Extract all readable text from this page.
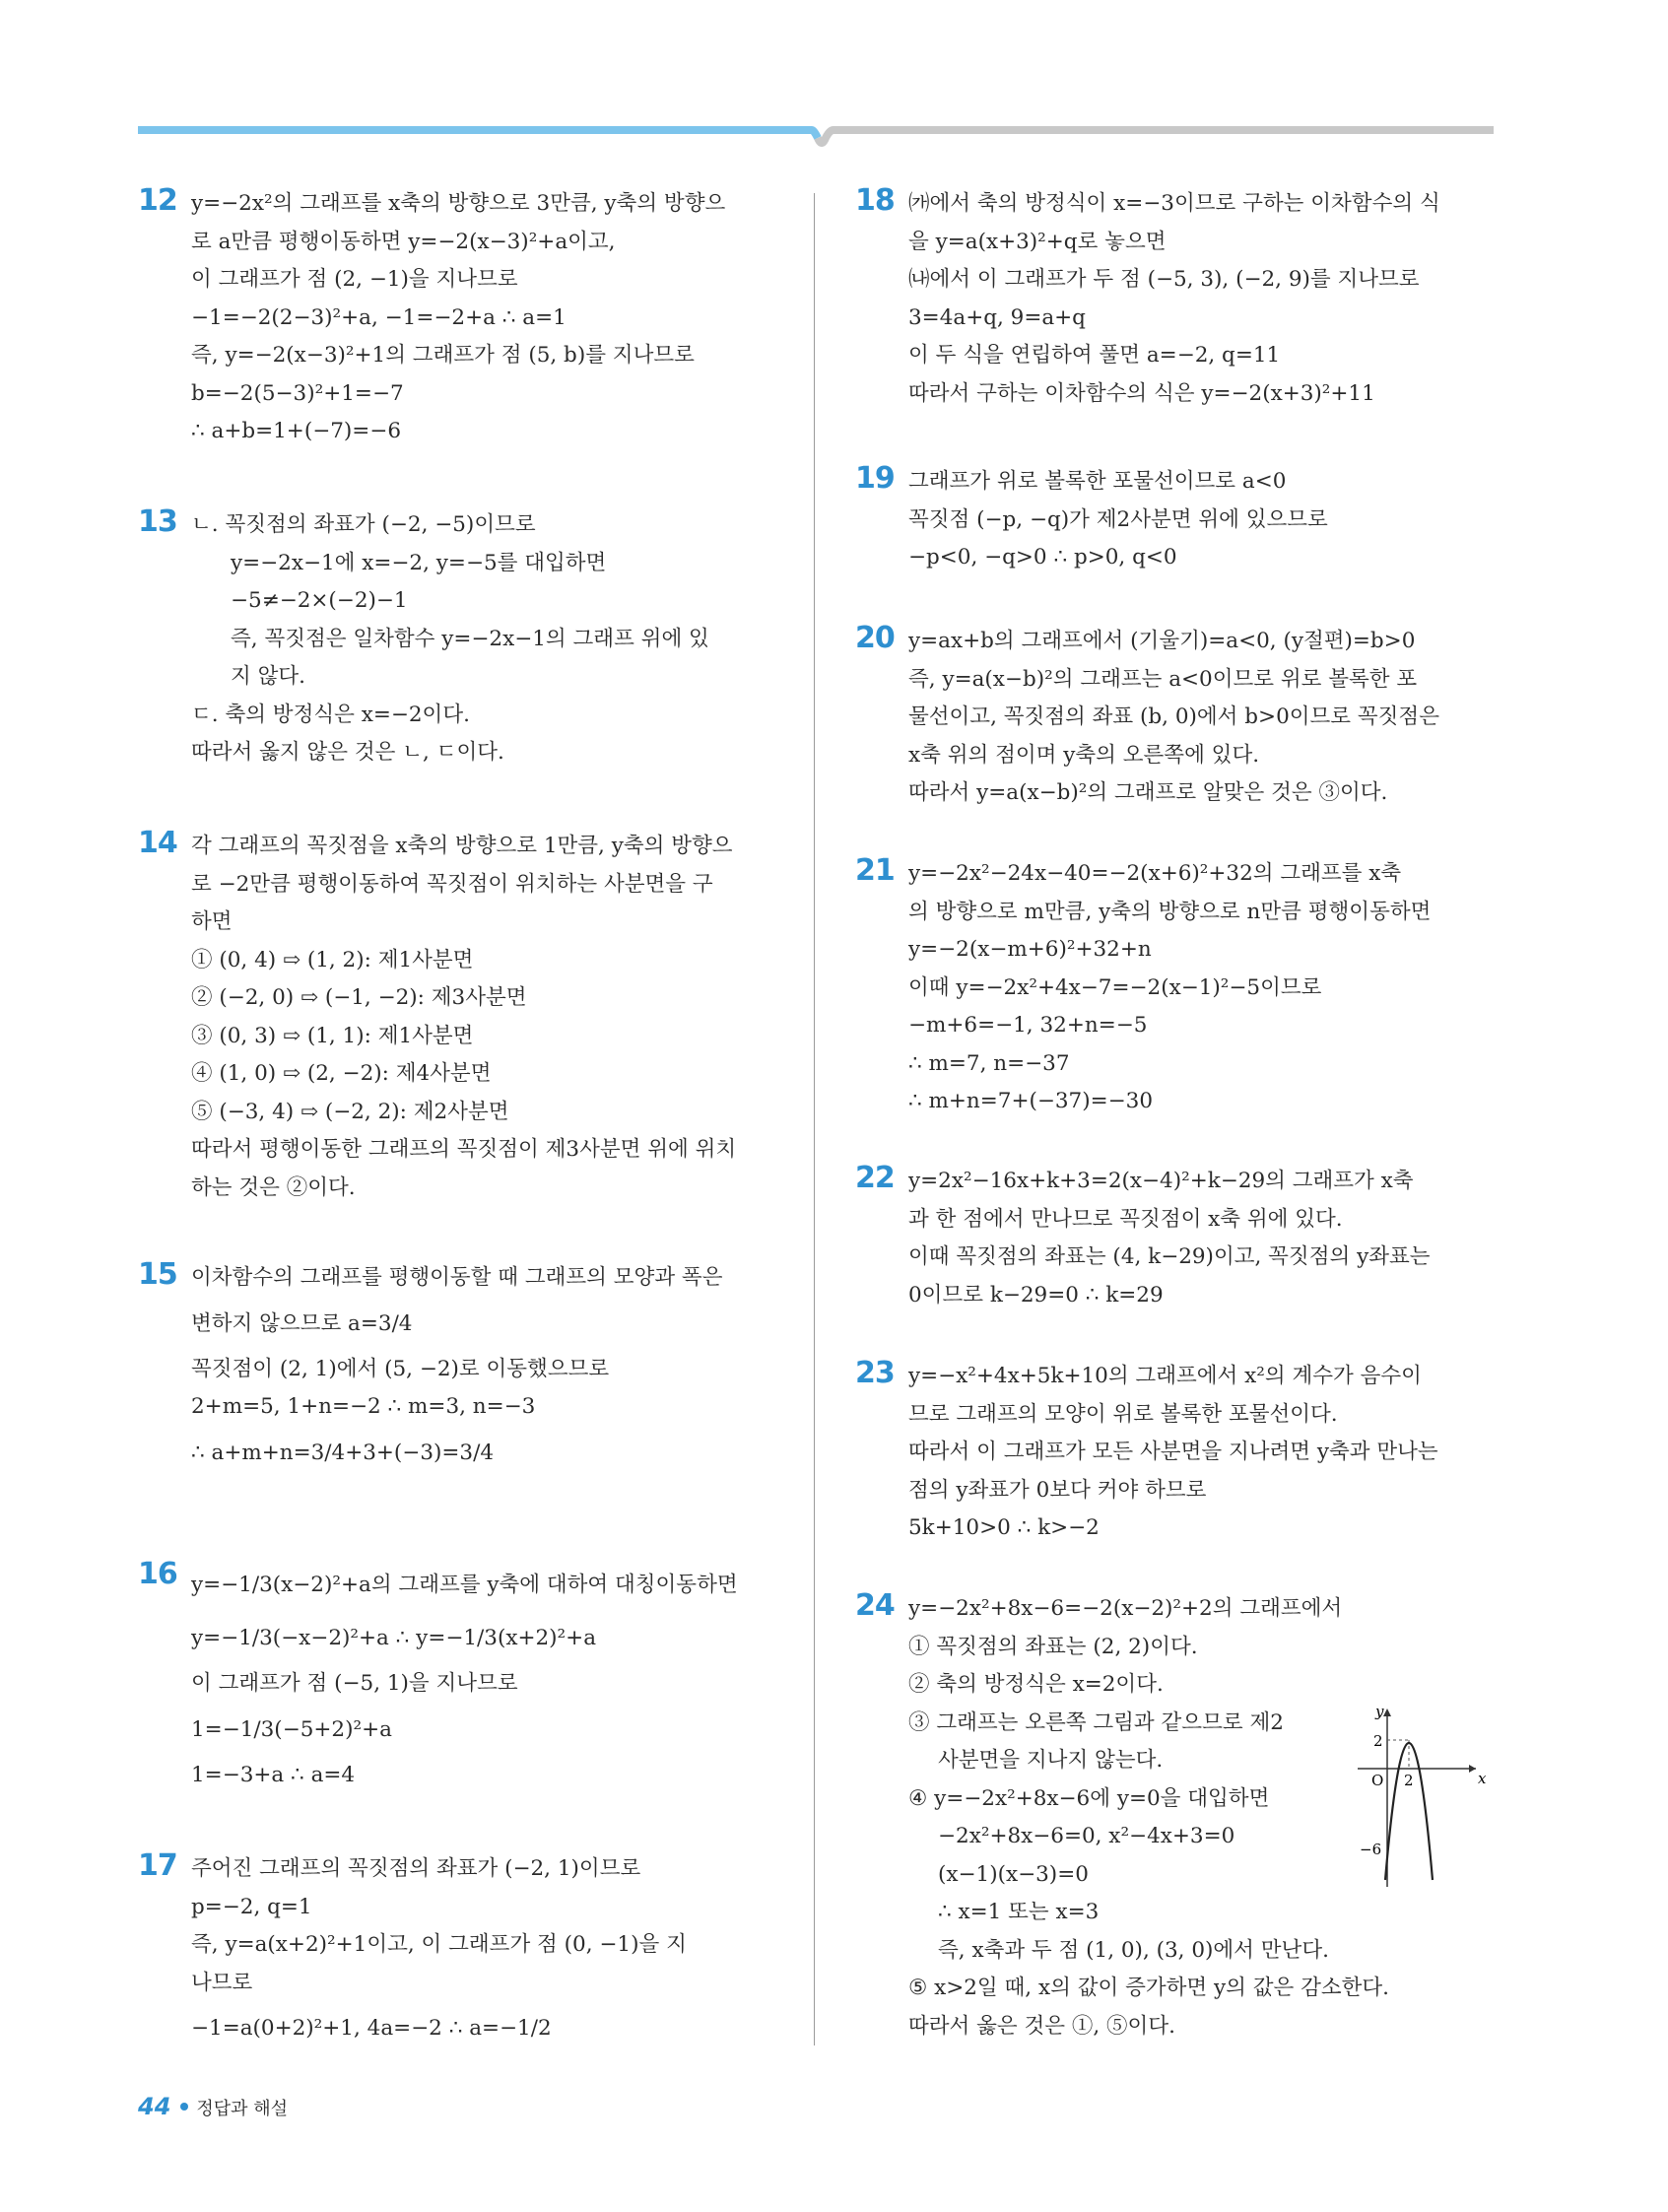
12 y=−2x²의 그래프를 x축의 방향으로 3만큼, y축의 방향으
로 a만큼 평행이동하면 y=−2(x−3)²+a이고,
이 그래프가 점 (2, −1)을 지나므로
−1=−2(2−3)²+a, −1=−2+a ∴ a=1
즉, y=−2(x−3)²+1의 그래프가 점 (5, b)를 지나므로
b=−2(5−3)²+1=−7
∴ a+b=1+(−7)=−6
13 ㄴ. 꼭짓점의 좌표가 (−2, −5)이므로
y=−2x−1에 x=−2, y=−5를 대입하면
−5≠−2×(−2)−1
즉, 꼭짓점은 일차함수 y=−2x−1의 그래프 위에 있
지 않다.
ㄷ. 축의 방정식은 x=−2이다.
따라서 옳지 않은 것은 ㄴ, ㄷ이다.
14 각 그래프의 꼭짓점을 x축의 방향으로 1만큼, y축의 방향으
로 −2만큼 평행이동하여 꼭짓점이 위치하는 사분면을 구
하면
① (0, 4) ⇨ (1, 2): 제1사분면
② (−2, 0) ⇨ (−1, −2): 제3사분면
③ (0, 3) ⇨ (1, 1): 제1사분면
④ (1, 0) ⇨ (2, −2): 제4사분면
⑤ (−3, 4) ⇨ (−2, 2): 제2사분면
따라서 평행이동한 그래프의 꼭짓점이 제3사분면 위에 위치
하는 것은 ②이다.
15 이차함수의 그래프를 평행이동할 때 그래프의 모양과 폭은
변하지 않으므로 a=3/4
꼭짓점이 (2, 1)에서 (5, −2)로 이동했으므로
2+m=5, 1+n=−2 ∴ m=3, n=−3
∴ a+m+n=3/4+3+(−3)=3/4
16 y=−1/3(x−2)²+a의 그래프를 y축에 대하여 대칭이동하면
y=−1/3(−x−2)²+a ∴ y=−1/3(x+2)²+a
이 그래프가 점 (−5, 1)을 지나므로
1=−1/3(−5+2)²+a
1=−3+a ∴ a=4
17 주어진 그래프의 꼭짓점의 좌표가 (−2, 1)이므로
p=−2, q=1
즉, y=a(x+2)²+1이고, 이 그래프가 점 (0, −1)을 지
나므로
−1=a(0+2)²+1, 4a=−2 ∴ a=−1/2
18 ㈎에서 축의 방정식이 x=−3이므로 구하는 이차함수의 식
을 y=a(x+3)²+q로 놓으면
㈏에서 이 그래프가 두 점 (−5, 3), (−2, 9)를 지나므로
3=4a+q, 9=a+q
이 두 식을 연립하여 풀면 a=−2, q=11
따라서 구하는 이차함수의 식은 y=−2(x+3)²+11
19 그래프가 위로 볼록한 포물선이므로 a<0
꼭짓점 (−p, −q)가 제2사분면 위에 있으므로
−p<0, −q>0 ∴ p>0, q<0
20 y=ax+b의 그래프에서 (기울기)=a<0, (y절편)=b>0
즉, y=a(x−b)²의 그래프는 a<0이므로 위로 볼록한 포
물선이고, 꼭짓점의 좌표 (b, 0)에서 b>0이므로 꼭짓점은
x축 위의 점이며 y축의 오른쪽에 있다.
따라서 y=a(x−b)²의 그래프로 알맞은 것은 ③이다.
21 y=−2x²−24x−40=−2(x+6)²+32의 그래프를 x축
의 방향으로 m만큼, y축의 방향으로 n만큼 평행이동하면
y=−2(x−m+6)²+32+n
이때 y=−2x²+4x−7=−2(x−1)²−5이므로
−m+6=−1, 32+n=−5
∴ m=7, n=−37
∴ m+n=7+(−37)=−30
22 y=2x²−16x+k+3=2(x−4)²+k−29의 그래프가 x축
과 한 점에서 만나므로 꼭짓점이 x축 위에 있다.
이때 꼭짓점의 좌표는 (4, k−29)이고, 꼭짓점의 y좌표는
0이므로 k−29=0 ∴ k=29
23 y=−x²+4x+5k+10의 그래프에서 x²의 계수가 음수이
므로 그래프의 모양이 위로 볼록한 포물선이다.
따라서 이 그래프가 모든 사분면을 지나려면 y축과 만나는
점의 y좌표가 0보다 커야 하므로
5k+10>0 ∴ k>−2
24 y=−2x²+8x−6=−2(x−2)²+2의 그래프에서
① 꼭짓점의 좌표는 (2, 2)이다.
② 축의 방정식은 x=2이다.
③ 그래프는 오른쪽 그림과 같으므로 제2
사분면을 지나지 않는다.
④ y=−2x²+8x−6에 y=0을 대입하면
−2x²+8x−6=0, x²−4x+3=0
(x−1)(x−3)=0
∴ x=1 또는 x=3
즉, x축과 두 점 (1, 0), (3, 0)에서 만난다.
⑤ x>2일 때, x의 값이 증가하면 y의 값은 감소한다.
따라서 옳은 것은 ①, ⑤이다.
y
x
O
2
2
−6
44 정답과 해설
